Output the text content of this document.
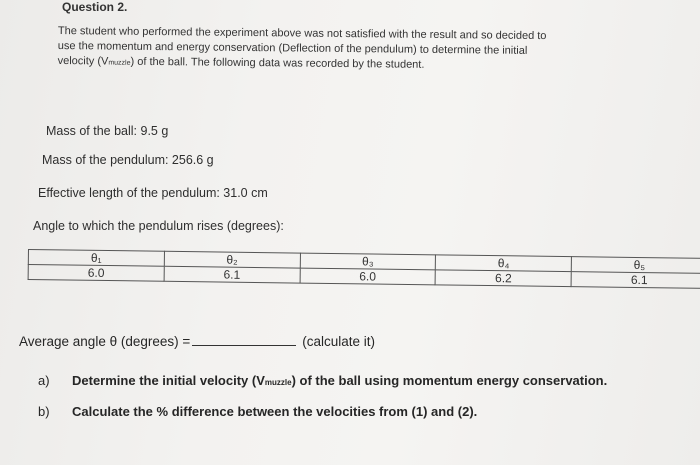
Question 2.
The student who performed the experiment above was not satisfied with the result and so decided to
use the momentum and energy conservation (Deflection of the pendulum) to determine the initial
velocity (Vmuzzle) of the ball. The following data was recorded by the student.
Mass of the ball: 9.5 g
Mass of the pendulum: 256.6 g
Effective length of the pendulum: 31.0 cm
Angle to which the pendulum rises (degrees):
θ₁	θ₂	θ₃	θ₄	θ₅
6.0	6.1	6.0	6.2	6.1
Average angle θ (degrees) =	(calculate it)
a) Determine the initial velocity (Vmuzzle) of the ball using momentum energy conservation.
b) Calculate the % difference between the velocities from (1) and (2).
